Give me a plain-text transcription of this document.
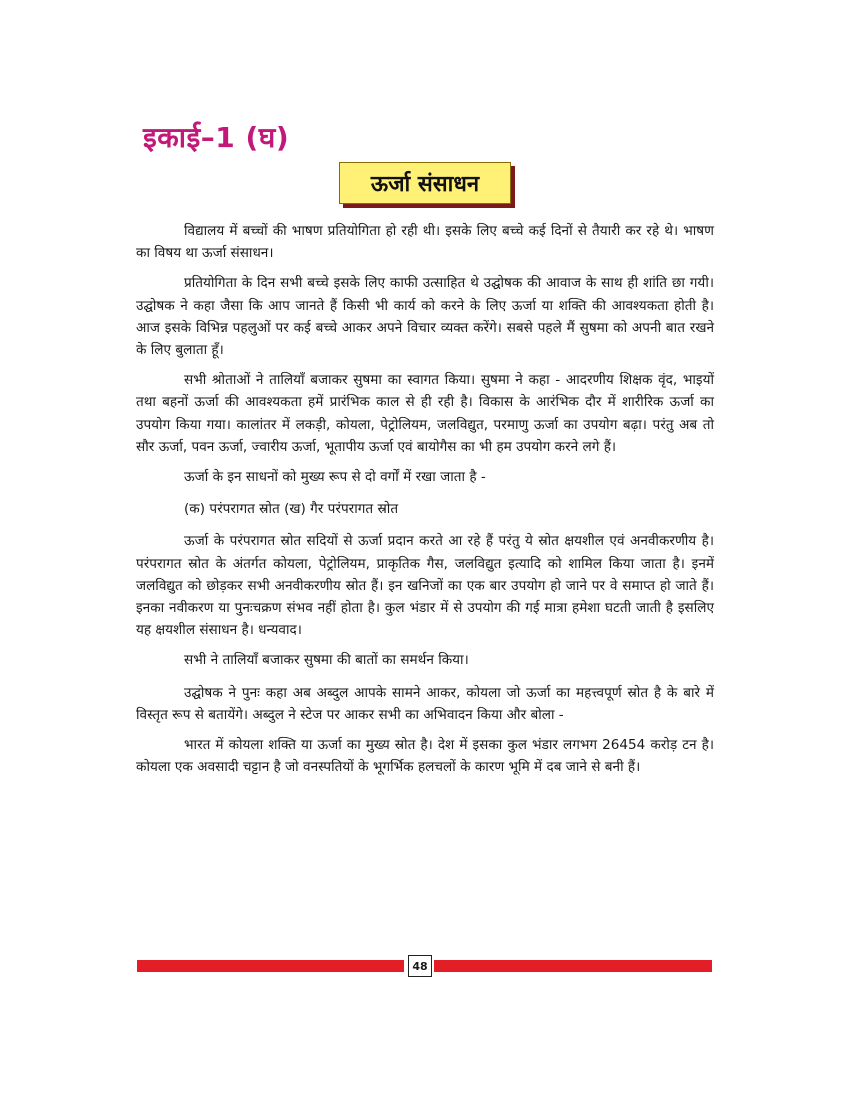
इकाई–1 (घ)
ऊर्जा संसाधन

विद्यालय में बच्चों की भाषण प्रतियोगिता हो रही थी। इसके लिए बच्चे कई दिनों से तैयारी कर रहे थे। भाषण का विषय था ऊर्जा संसाधन।

प्रतियोगिता के दिन सभी बच्चे इसके लिए काफी उत्साहित थे उद्घोषक की आवाज के साथ ही शांति छा गयी। उद्घोषक ने कहा जैसा कि आप जानते हैं किसी भी कार्य को करने के लिए ऊर्जा या शक्ति की आवश्यकता होती है। आज इसके विभिन्न पहलुओं पर कई बच्चे आकर अपने विचार व्यक्त करेंगे। सबसे पहले मैं सुषमा को अपनी बात रखने के लिए बुलाता हूँ।

सभी श्रोताओं ने तालियाँ बजाकर सुषमा का स्वागत किया। सुषमा ने कहा - आदरणीय शिक्षक वृंद, भाइयों तथा बहनों ऊर्जा की आवश्यकता हमें प्रारंभिक काल से ही रही है। विकास के आरंभिक दौर में शारीरिक ऊर्जा का उपयोग किया गया। कालांतर में लकड़ी, कोयला, पेट्रोलियम, जलविद्युत, परमाणु ऊर्जा का उपयोग बढ़ा। परंतु अब तो सौर ऊर्जा, पवन ऊर्जा, ज्वारीय ऊर्जा, भूतापीय ऊर्जा एवं बायोगैस का भी हम उपयोग करने लगे हैं।

ऊर्जा के इन साधनों को मुख्य रूप से दो वर्गों में रखा जाता है -

(क) परंपरागत स्रोत (ख) गैर परंपरागत स्रोत

ऊर्जा के परंपरागत स्रोत सदियों से ऊर्जा प्रदान करते आ रहे हैं परंतु ये स्रोत क्षयशील एवं अनवीकरणीय है। परंपरागत स्रोत के अंतर्गत कोयला, पेट्रोलियम, प्राकृतिक गैस, जलविद्युत इत्यादि को शामिल किया जाता है। इनमें जलविद्युत को छोड़कर सभी अनवीकरणीय स्रोत हैं। इन खनिजों का एक बार उपयोग हो जाने पर वे समाप्त हो जाते हैं। इनका नवीकरण या पुनःचक्रण संभव नहीं होता है। कुल भंडार में से उपयोग की गई मात्रा हमेशा घटती जाती है इसलिए यह क्षयशील संसाधन है। धन्यवाद।

सभी ने तालियाँ बजाकर सुषमा की बातों का समर्थन किया।

उद्घोषक ने पुनः कहा अब अब्दुल आपके सामने आकर, कोयला जो ऊर्जा का महत्त्वपूर्ण स्रोत है के बारे में विस्तृत रूप से बतायेंगे। अब्दुल ने स्टेज पर आकर सभी का अभिवादन किया और बोला -

भारत में कोयला शक्ति या ऊर्जा का मुख्य स्रोत है। देश में इसका कुल भंडार लगभग 26454 करोड़ टन है। कोयला एक अवसादी चट्टान है जो वनस्पतियों के भूगर्भिक हलचलों के कारण भूमि में दब जाने से बनी हैं।

48
